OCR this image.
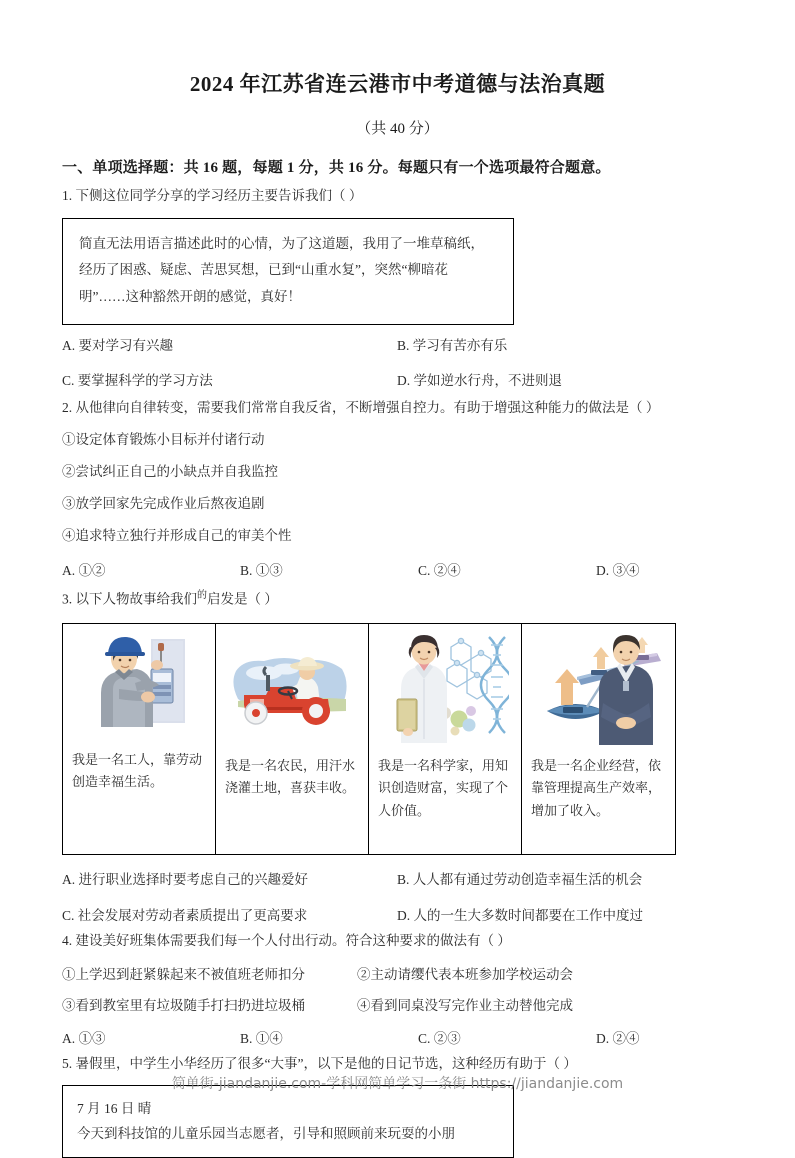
2024 年江苏省连云港市中考道德与法治真题
（共 40 分）
一、单项选择题：共 16 题，每题 1 分，共 16 分。每题只有一个选项最符合题意。
1. 下侧这位同学分享的学习经历主要告诉我们（ ）

简直无法用语言描述此时的心情，为了这道题，我用了一堆草稿纸，

经历了困惑、疑虑、苦思冥想，已到“山重水复”，突然“柳暗花

明”……这种豁然开朗的感觉，真好！

A. 要对学习有兴趣	B. 学习有苦亦有乐
C. 要掌握科学的学习方法	D. 学如逆水行舟，不进则退
2. 从他律向自律转变，需要我们常常自我反省，不断增强自控力。有助于增强这种能力的做法是（ ）
①设定体育锻炼小目标并付诸行动
②尝试纠正自己的小缺点并自我监控
③放学回家先完成作业后熬夜追剧
④追求特立独行并形成自己的审美个性
A. ①②	B. ①③	C. ②④	D. ③④
3. 以下人物故事给我们$^的$启发是（ ）
我是一名工人，靠劳动创造幸福生活。
我是一名农民，用汗水浇灌土地，喜获丰收。
我是一名科学家，用知识创造财富，实现了个人价值。
我是一名企业经营，依靠管理提高生产效率，增加了收入。
A. 进行职业选择时要考虑自己的兴趣爱好	B. 人人都有通过劳动创造幸福生活的机会
C. 社会发展对劳动者素质提出了更高要求	D. 人的一生大多数时间都要在工作中度过
4. 建设美好班集体需要我们每一个人付出行动。符合这种要求的做法有（ ）
①上学迟到赶紧躲起来不被值班老师扣分	②主动请缨代表本班参加学校运动会
③看到教室里有垃圾随手打扫扔进垃圾桶	④看到同桌没写完作业主动替他完成
A. ①③	B. ①④	C. ②③	D. ②④
5. 暑假里，中学生小华经历了很多“大事”，以下是他的日记节选，这种经历有助于（ ）

7 月 16 日 晴

今天到科技馆的儿童乐园当志愿者，引导和照顾前来玩耍的小朋

简单街-jiandanjie.com-学科网简单学习一条街 https://jiandanjie.com
